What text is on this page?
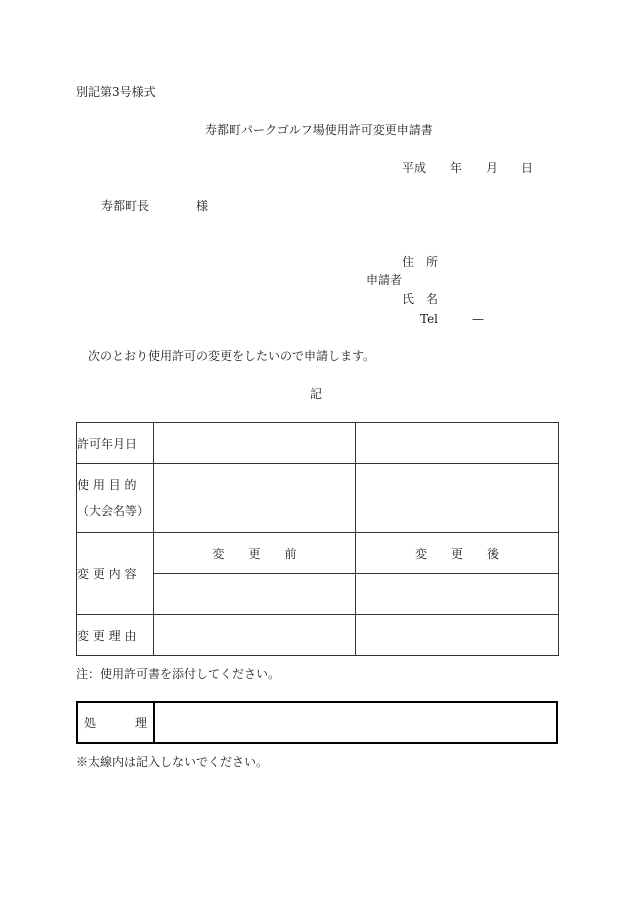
別記第3号様式
寿都町パークゴルフ場使用許可変更申請書
平成 年 月 日
寿都町長	様
住　所
申請者
氏　名
Tel	—
次のとおり使用許可の変更をしたいので申請します。
記
許可年月日		

使 用 目 的
（大会名等）		

変 更 内 容	変　　更　　前	変　　更　　後

変 更 理 由		
注：使用許可書を添付してください。
処	理

※太線内は記入しないでください。
